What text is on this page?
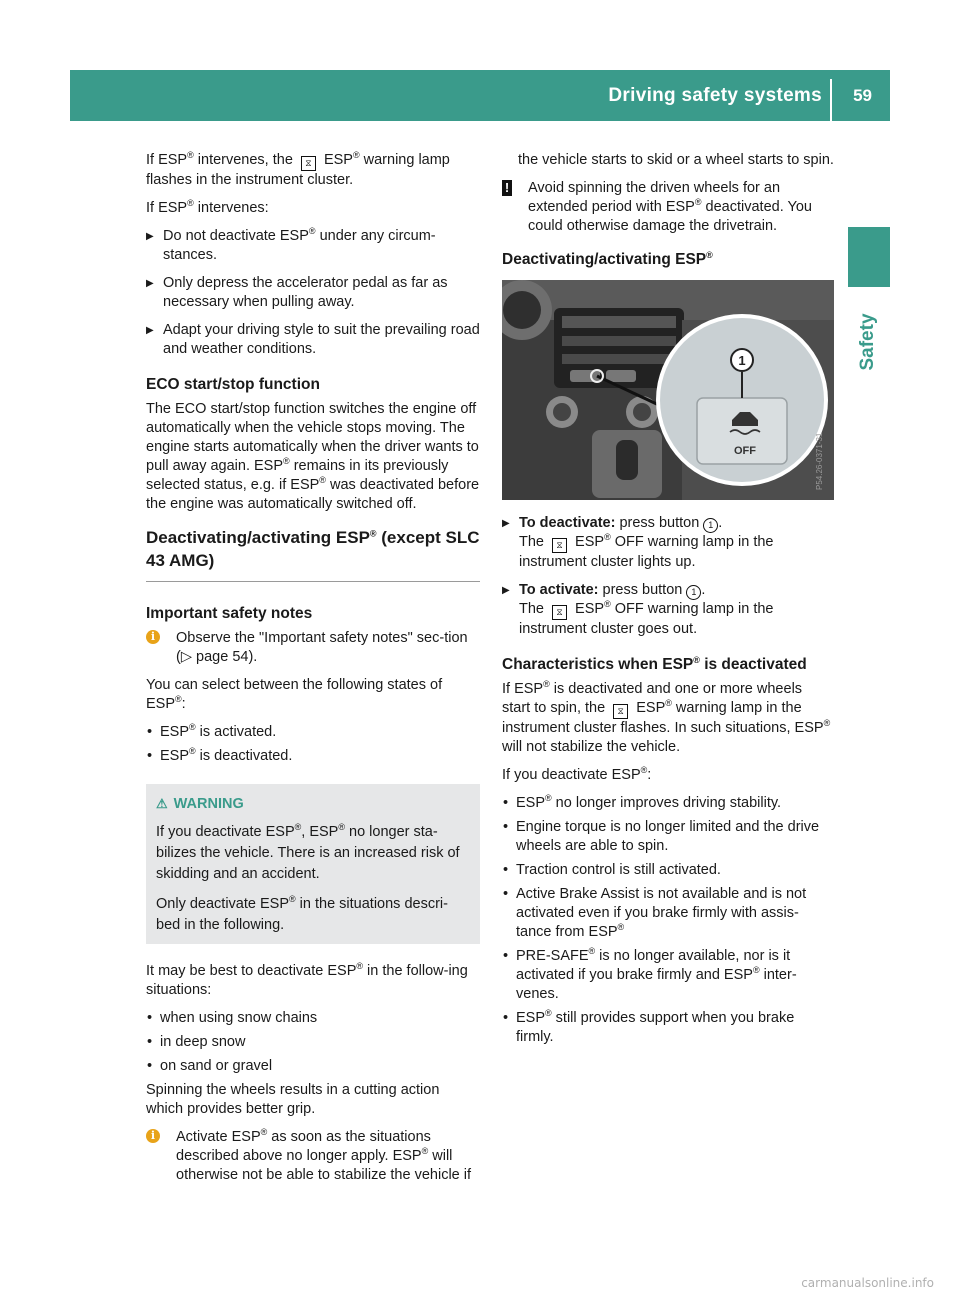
Driving safety systems 59
Safety

If ESP® intervenes, the ⧖ ESP® warning lamp flashes in the instrument cluster.

If ESP® intervenes:

▶ Do not deactivate ESP® under any circum-stances.
▶ Only depress the accelerator pedal as far as necessary when pulling away.
▶ Adapt your driving style to suit the prevailing road and weather conditions.
ECO start/stop function

The ECO start/stop function switches the engine off automatically when the vehicle stops moving. The engine starts automatically when the driver wants to pull away again. ESP® remains in its previously selected status, e.g. if ESP® was deactivated before the engine was automatically switched off.

Deactivating/activating ESP® (except SLC 43 AMG)
Important safety notes
i	Observe the "Important safety notes" sec-tion (▷ page 54).

You can select between the following states of ESP®:

• ESP® is activated.
• ESP® is deactivated.
⚠ WARNING

If you deactivate ESP®, ESP® no longer sta-bilizes the vehicle. There is an increased risk of skidding and an accident.

Only deactivate ESP® in the situations descri-bed in the following.

It may be best to deactivate ESP® in the follow-ing situations:

• when using snow chains
• in deep snow
• on sand or gravel

Spinning the wheels results in a cutting action which provides better grip.

i	Activate ESP® as soon as the situations described above no longer apply. ESP® will otherwise not be able to stabilize the vehicle if

the vehicle starts to skid or a wheel starts to spin.

! Avoid spinning the driven wheels for an extended period with ESP® deactivated. You could otherwise damage the drivetrain.
Deactivating/activating ESP®
OFF
1
P54.26-0371-31
▶ To deactivate: press button 1 .
The ⧖ ESP® OFF warning lamp in the instrument cluster lights up.
▶ To activate: press button 1 .
The ⧖ ESP® OFF warning lamp in the instrument cluster goes out.
Characteristics when ESP® is deactivated

If ESP® is deactivated and one or more wheels start to spin, the ⧖ ESP® warning lamp in the instrument cluster flashes. In such situations, ESP® will not stabilize the vehicle.

If you deactivate ESP®:

• ESP® no longer improves driving stability.
• Engine torque is no longer limited and the drive wheels are able to spin.
• Traction control is still activated.
• Active Brake Assist is not available and is not activated even if you brake firmly with assis-tance from ESP®
• PRE-SAFE® is no longer available, nor is it activated if you brake firmly and ESP® inter-venes.
• ESP® still provides support when you brake firmly.
carmanualsonline.info
